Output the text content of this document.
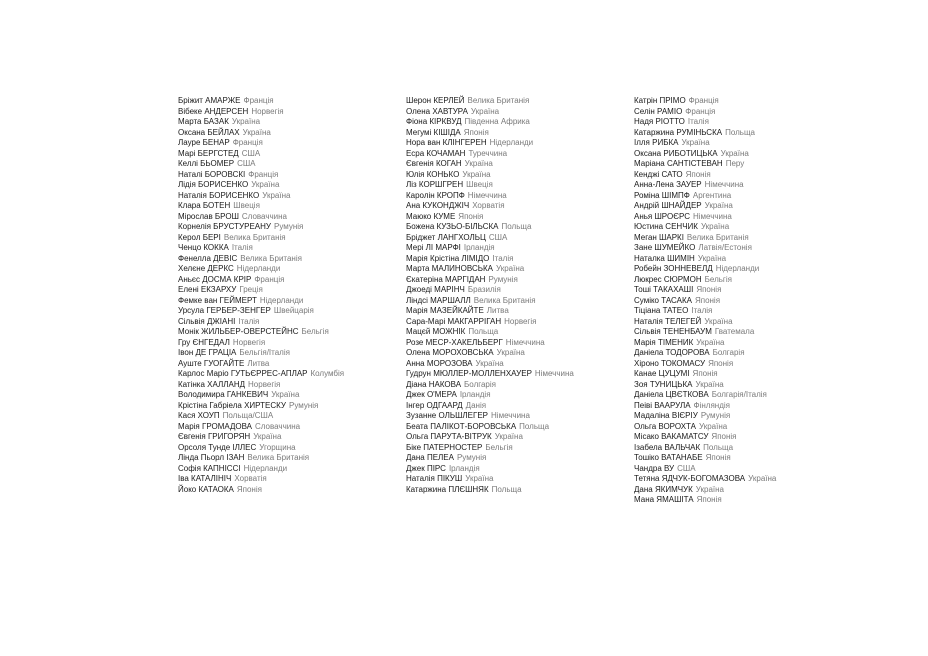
Бріжит АМАРЖЕ Франція
Вібеке АНДЕРСЕН Норвегія
Марта БАЗАК Україна
Оксана БЕЙЛАХ Україна
Лауре БЕНАР Франція
Марі БЕРГСТЕД США
Келлі БЬОМЕР США
Наталі БОРОВСКІ Франція
Лідія БОРИСЕНКО Україна
Наталія БОРИСЕНКО Україна
Клара БОТЕН Швеція
Мірослав БРОШ Словаччина
Корнелія БРУСТУРЕАНУ Румунія
Керол БЕРІ Велика Британія
Ченцо КОККА Італія
Фенелла ДЕВІС Велика Британія
Хелєне ДЕРКС Нідерланди
Аньєс ДОСМА КРІР Франція
Елені ЕКЗАРХУ Греція
Фемке ван ГЕЙМЕРТ Нідерланди
Урсула ГЕРБЕР-ЗЕНГЕР Швейцарія
Сільвія ДЖІАНІ Італія
Монік ЖИЛЬБЕР-ОВЕРСТЕЙНС Бельгія
Гру ЄНГЕДАЛ Норвегія
Івон ДЕ ГРАЦІА Бельгія/Італія
Ауште ГУОГАЙТЕ Литва
Карлос Маріо ГУТЬЄРРЕС-АПЛАР Колумбія
Катінка ХАЛЛАНД Норвегія
Володимира ГАНКЕВИЧ Україна
Крістіна Габріела ХИРТЕСКУ Румунія
Кася ХОУП Польща/США
Марія ГРОМАДОВА Словаччина
Євгенія ГРИГОРЯН Україна
Орсоля Тунде ІЛЛЕС Угорщина
Лінда Пьорл ІЗАН Велика Британія
Софія КАПНІССІ Нідерланди
Іва КАТАЛІНІЧ Хорватія
Йоко КАТАОКА Японія
Шерон КЕРЛЕЙ Велика Британія
Олена ХАВТУРА Україна
Фіона КІРКВУД Південна Африка
Мегумі КІШІДА Японія
Нора ван КЛІНГЕРЕН Нідерланди
Есра КОЧАМАН Туреччина
Євгенія КОГАН Україна
Юлія КОНЬКО Україна
Ліз КОРШГРЕН Швеція
Каролін КРОПФ Німеччина
Ана КУКОНДЖІЧ Хорватія
Маюко КУМЕ Японія
Божена КУЗЬО-БІЛЬСКА Польща
Бріджет ЛАНГХОЛЬЦ США
Мері ЛІ МАРФІ Ірландія
Марія Крістіна ЛІМІДО Італія
Марта МАЛИНОВСЬКА Україна
Єкатеріна МАРГІДАН Румунія
Джоеді МАРІНЧ Бразилія
Ліндсі МАРШАЛЛ Велика Британія
Марія МАЗЕЙКАЙТЕ Литва
Сара-Марі МАКГАРРІГАН Норвегія
Мацєй МОЖНІК Польща
Розе МЕСР-ХАКЕЛЬБЕРГ Німеччина
Олена МОРОХОВСЬКА Україна
Анна МОРОЗОВА Україна
Гудрун МЮЛЛЕР-МОЛЛЕНХАУЕР Німеччина
Діана НАКОВА Болгарія
Джек О'МЕРА Ірландія
Інгер ОДГААРД Данія
Зузанне ОЛЬШЛЕГЕР Німеччина
Беата ПАЛІКОТ-БОРОВСЬКА Польща
Ольга ПАРУТА-ВІТРУК Україна
Біке ПАТЕРНОСТЕР Бельгія
Дана ПЕЛЕА Румунія
Джек ПІРС Ірландія
Наталія ПІКУШ Україна
Катаржина ПЛЄШНЯК Польща
Катрін ПРІМО Франція
Селін РАМІО Франція
Надя РІОТТО Італія
Катаржина РУМІНЬСКА Польща
Ілля РИБКА Україна
Оксана РИБОТИЦЬКА Україна
Маріана САНТІСТЕВАН Перу
Кенджі САТО Японія
Анна-Лена ЗАУЕР Німеччина
Роміна ШІМПФ Аргентина
Андрій ШНАЙДЕР Україна
Анья ШРОЄРС Німеччина
Юстина СЕНЧИК Україна
Меган ШАРКІ Велика Британія
Зане ШУМЕЙКО Латвія/Естонія
Наталка ШИМІН Україна
Робейн ЗОННЕВЕЛД Нідерланди
Люкрес СЮРМОН Бельгія
Тоші ТАКАХАШІ Японія
Суміко ТАСАКА Японія
Тіціана ТАТЕО Італія
Наталія ТЕЛЕГЕЙ Україна
Сільвія ТЕНЕНБАУМ Гватемала
Марія ТІМЕНИК Україна
Даніела ТОДОРОВА Болгарія
Хіроно ТОКОМАСУ Японія
Канае ЦУЦУМІ Японія
Зоя ТУНИЦЬКА Україна
Даніела ЦВЄТКОВА Болгарія/Італія
Пеіві ВААРУЛА Фінляндія
Мадаліна ВІЄРІУ Румунія
Ольга ВОРОХТА Україна
Місако ВАКАМАТСУ Японія
Ізабела ВАЛЬЧАК Польща
Тошіко ВАТАНАБЕ Японія
Чандра ВУ США
Тетяна ЯДЧУК-БОГОМАЗОВА Україна
Дана ЯКИМЧУК Україна
Мана ЯМАШІТА Японія
